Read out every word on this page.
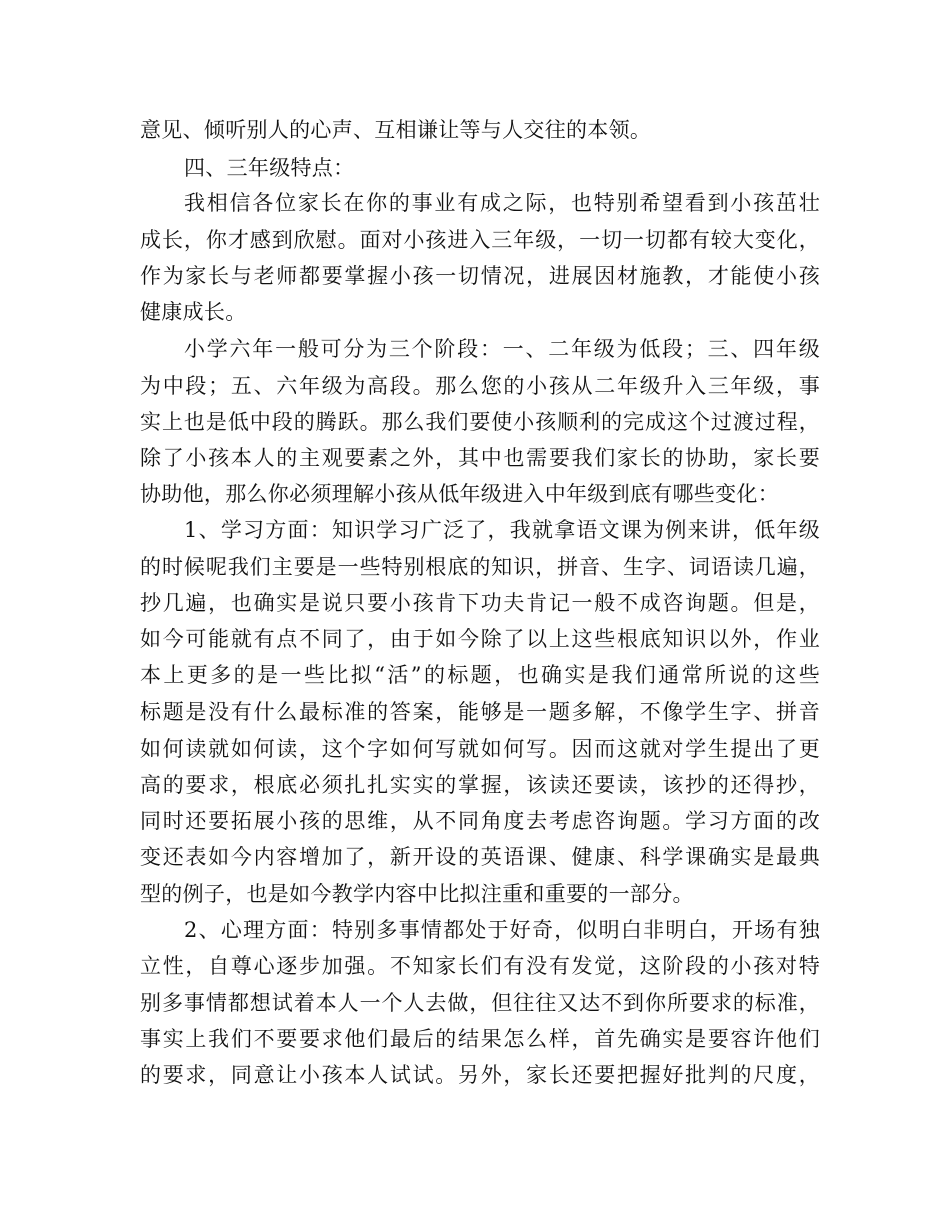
意见、倾听别人的心声、互相谦让等与人交往的本领。
四、三年级特点：
我相信各位家长在你的事业有成之际，也特别希望看到小孩茁壮
成长，你才感到欣慰。面对小孩进入三年级，一切一切都有较大变化，
作为家长与老师都要掌握小孩一切情况，进展因材施教，才能使小孩
健康成长。
小学六年一般可分为三个阶段：一、二年级为低段；三、四年级
为中段；五、六年级为高段。那么您的小孩从二年级升入三年级，事
实上也是低中段的腾跃。那么我们要使小孩顺利的完成这个过渡过程，
除了小孩本人的主观要素之外，其中也需要我们家长的协助，家长要
协助他，那么你必须理解小孩从低年级进入中年级到底有哪些变化：
1、学习方面：知识学习广泛了，我就拿语文课为例来讲，低年级
的时候呢我们主要是一些特别根底的知识，拼音、生字、词语读几遍，
抄几遍，也确实是说只要小孩肯下功夫肯记一般不成咨询题。但是，
如今可能就有点不同了，由于如今除了以上这些根底知识以外，作业
本上更多的是一些比拟“活”的标题，也确实是我们通常所说的这些
标题是没有什么最标准的答案，能够是一题多解，不像学生字、拼音
如何读就如何读，这个字如何写就如何写。因而这就对学生提出了更
高的要求，根底必须扎扎实实的掌握，该读还要读，该抄的还得抄，
同时还要拓展小孩的思维，从不同角度去考虑咨询题。学习方面的改
变还表如今内容增加了，新开设的英语课、健康、科学课确实是最典
型的例子，也是如今教学内容中比拟注重和重要的一部分。
2、心理方面：特别多事情都处于好奇，似明白非明白，开场有独
立性，自尊心逐步加强。不知家长们有没有发觉，这阶段的小孩对特
别多事情都想试着本人一个人去做，但往往又达不到你所要求的标准，
事实上我们不要要求他们最后的结果怎么样，首先确实是要容许他们
的要求，同意让小孩本人试试。另外，家长还要把握好批判的尺度，
